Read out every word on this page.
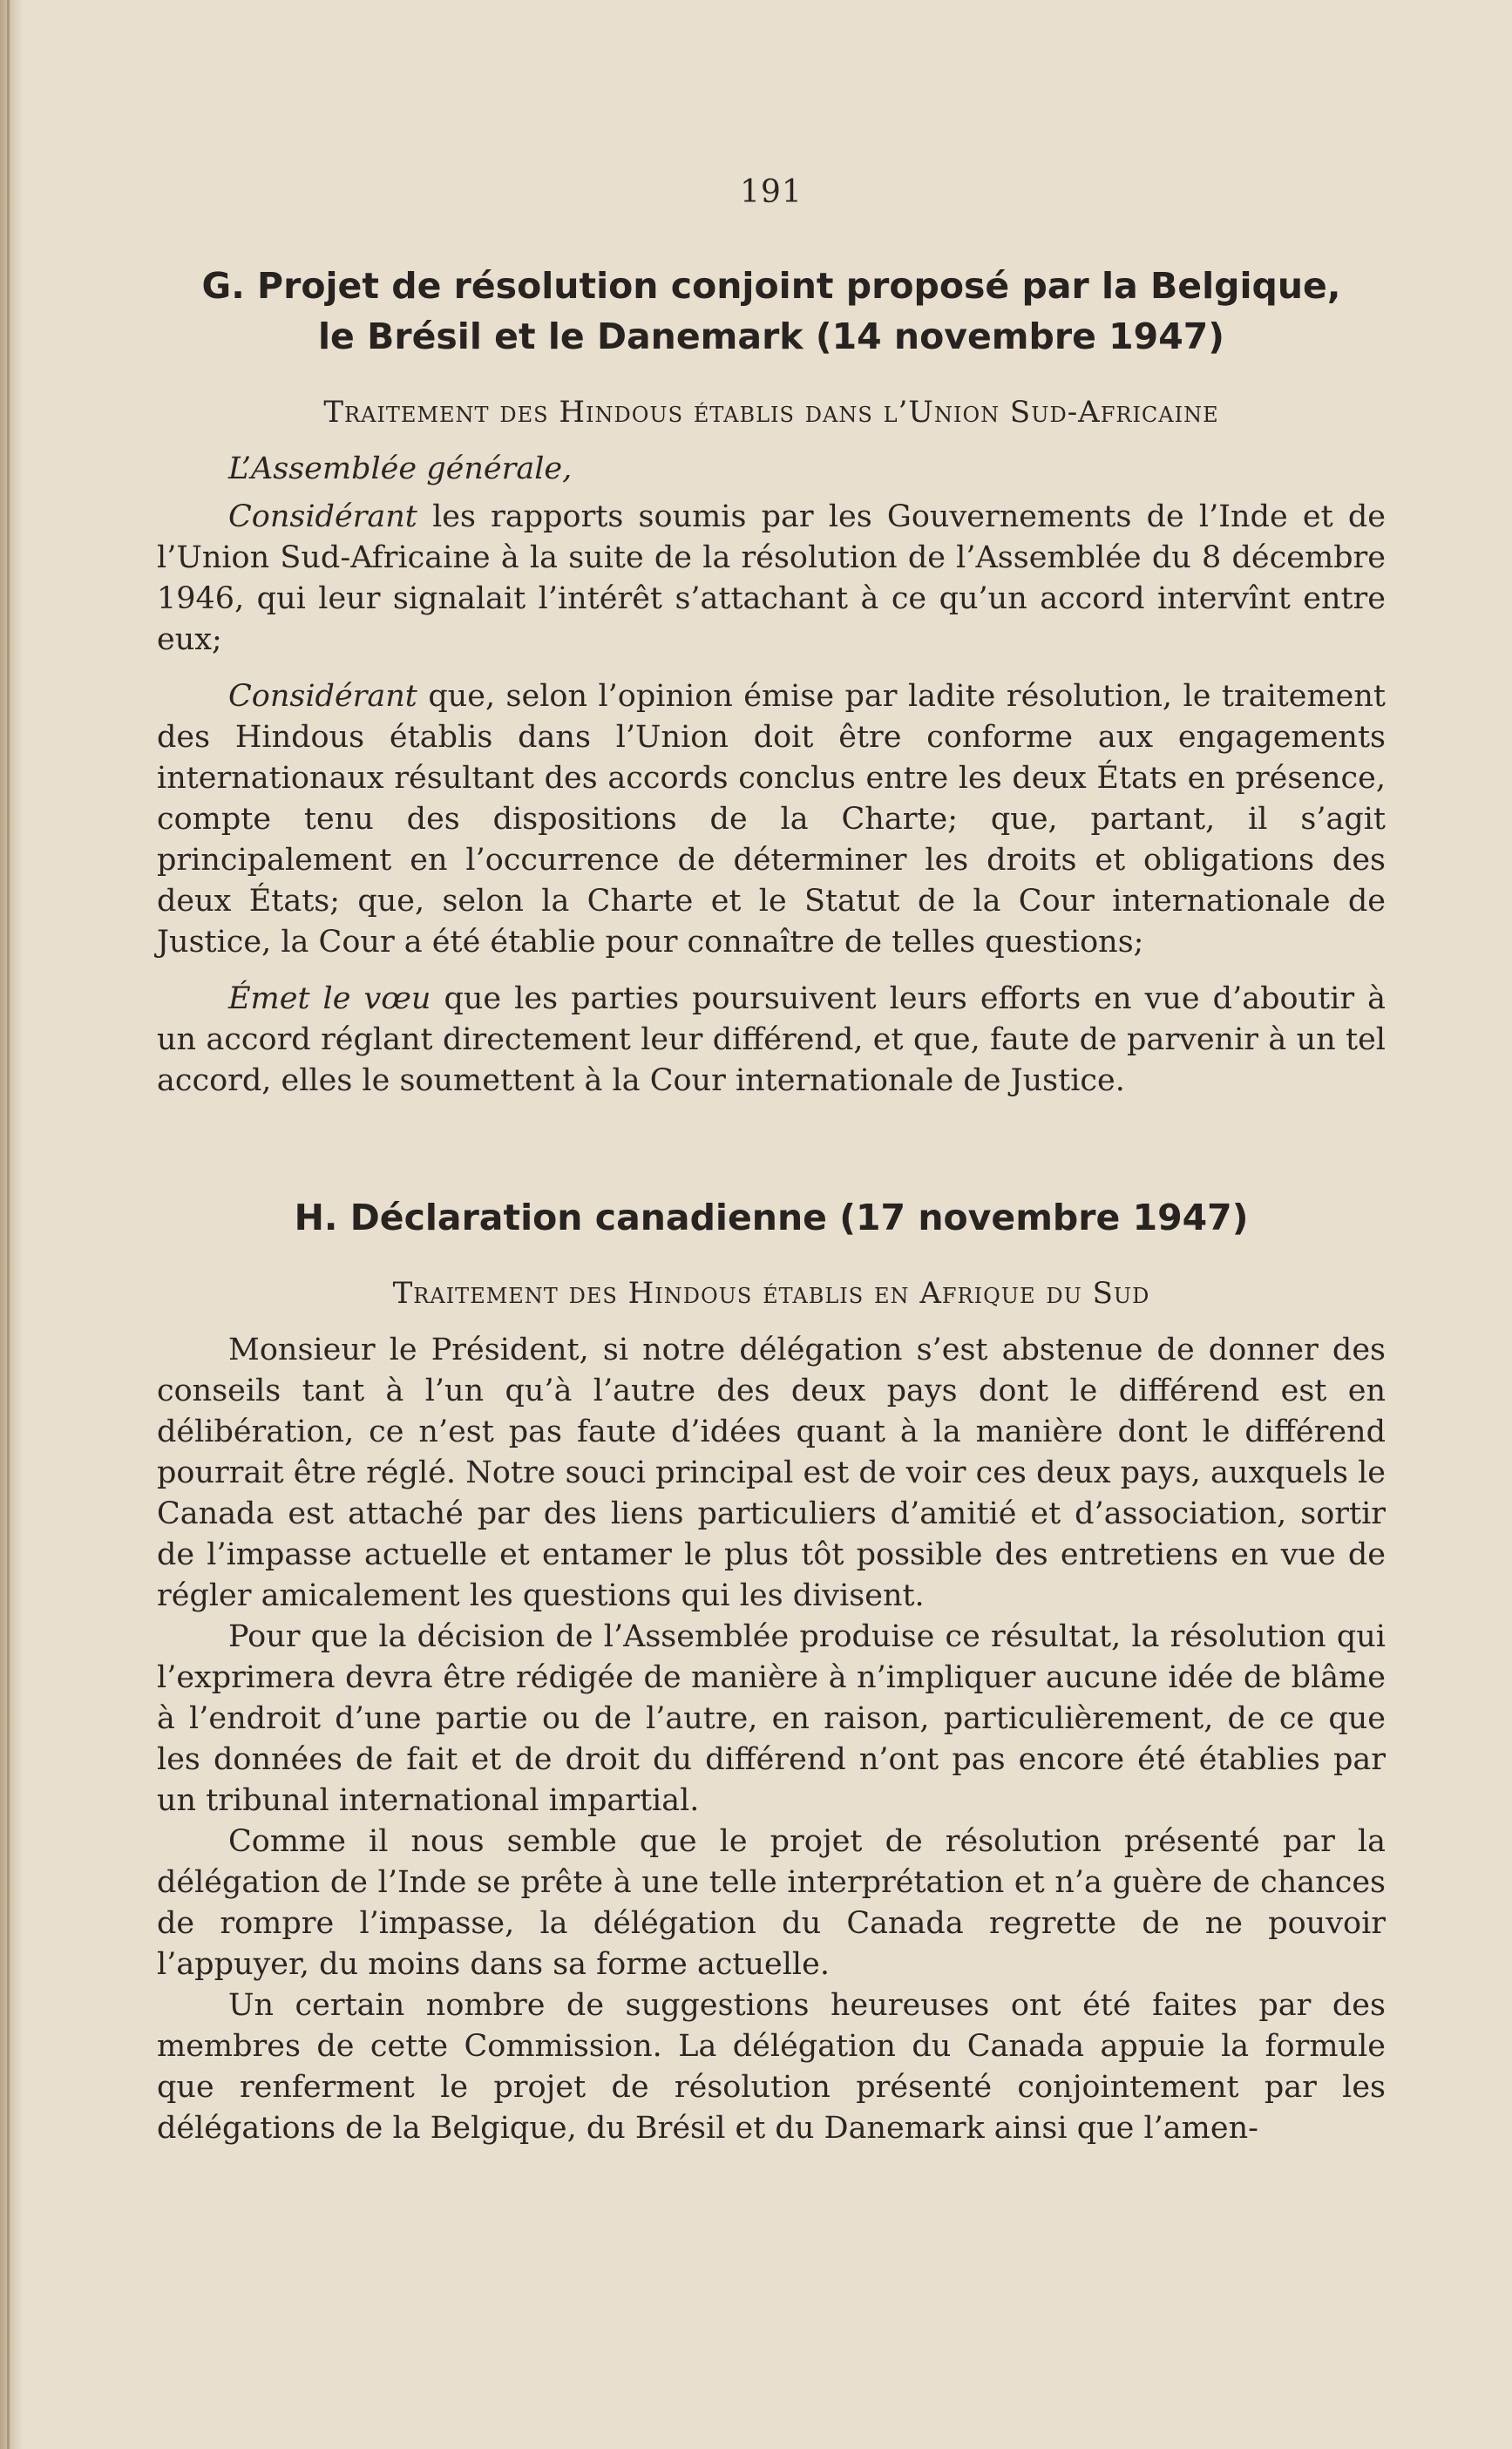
191
G. Projet de résolution conjoint proposé par la Belgique,
le Brésil et le Danemark (14 novembre 1947)
Traitement des Hindous établis dans l’Union Sud-Africaine

L’Assemblée générale,

Considérant les rapports soumis par les Gouvernements de l’Inde et de l’Union Sud-Africaine à la suite de la résolution de l’Assemblée du 8 décembre 1946, qui leur signalait l’intérêt s’attachant à ce qu’un accord intervînt entre eux;

Considérant que, selon l’opinion émise par ladite résolution, le traitement des Hindous établis dans l’Union doit être conforme aux engagements internationaux résultant des accords conclus entre les deux États en présence, compte tenu des dispositions de la Charte; que, partant, il s’agit principalement en l’occurrence de déterminer les droits et obligations des deux États; que, selon la Charte et le Statut de la Cour internationale de Justice, la Cour a été établie pour connaître de telles questions;

Émet le vœu que les parties poursuivent leurs efforts en vue d’aboutir à un accord réglant directement leur différend, et que, faute de parvenir à un tel accord, elles le soumettent à la Cour internationale de Justice.

H. Déclaration canadienne (17 novembre 1947)
Traitement des Hindous établis en Afrique du Sud

Monsieur le Président, si notre délégation s’est abstenue de donner des conseils tant à l’un qu’à l’autre des deux pays dont le différend est en délibération, ce n’est pas faute d’idées quant à la manière dont le différend pourrait être réglé. Notre souci principal est de voir ces deux pays, auxquels le Canada est attaché par des liens particuliers d’amitié et d’association, sortir de l’impasse actuelle et entamer le plus tôt possible des entretiens en vue de régler amicalement les questions qui les divisent.

Pour que la décision de l’Assemblée produise ce résultat, la résolution qui l’exprimera devra être rédigée de manière à n’impliquer aucune idée de blâme à l’endroit d’une partie ou de l’autre, en raison, particulièrement, de ce que les données de fait et de droit du différend n’ont pas encore été établies par un tribunal international impartial.

Comme il nous semble que le projet de résolution présenté par la délégation de l’Inde se prête à une telle interprétation et n’a guère de chances de rompre l’impasse, la délégation du Canada regrette de ne pouvoir l’appuyer, du moins dans sa forme actuelle.

Un certain nombre de suggestions heureuses ont été faites par des membres de cette Commission. La délégation du Canada appuie la formule que renferment le projet de résolution présenté conjointement par les délégations de la Belgique, du Brésil et du Danemark ainsi que l’amen-
